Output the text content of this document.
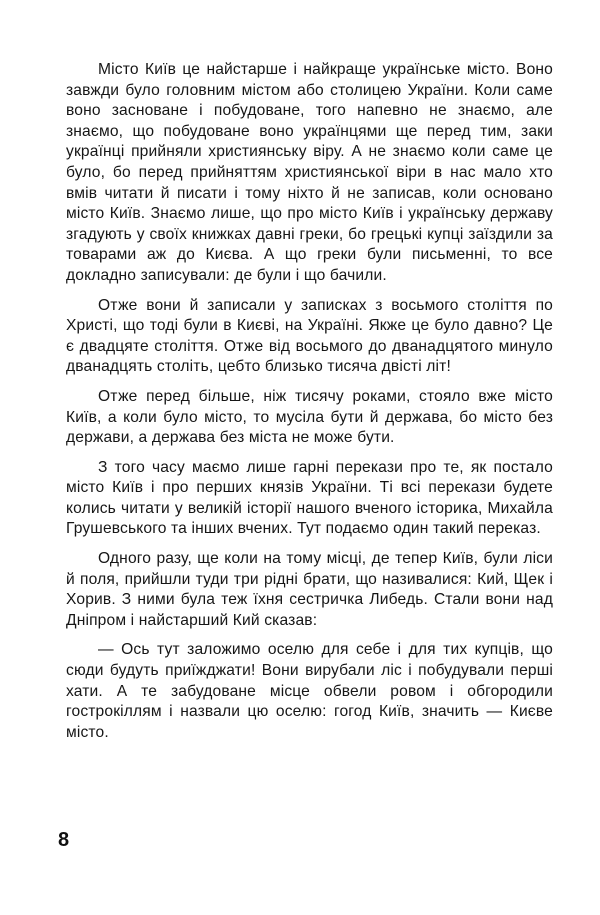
Місто Київ це найстарше і найкраще українське місто. Воно завжди було головним містом або столицею України. Коли саме воно засноване і побудоване, того напевно не знаємо, але знаємо, що побудоване воно українцями ще перед тим, заки українці прийняли християнську віру. А не знаємо коли саме це було, бо перед прийняттям християнської віри в нас мало хто вмів читати й писати і тому ніхто й не записав, коли основано місто Київ. Знаємо лише, що про місто Київ і українську державу згадують у своїх книжках давні греки, бо грецькі купці заїздили за товарами аж до Києва. А що греки були письменні, то все докладно записували: де були і що бачили.

Отже вони й записали у записках з восьмого століття по Христі, що тоді були в Києві, на Україні. Якже це було давно? Це є двадцяте століття. Отже від восьмого до дванадцятого минуло дванадцять століть, цебто близько тисяча двісті літ!

Отже перед більше, ніж тисячу роками, стояло вже місто Київ, а коли було місто, то мусіла бути й держава, бо місто без держави, а держава без міста не може бути.

З того часу маємо лише гарні перекази про те, як постало місто Київ і про перших князів України. Ті всі перекази будете колись читати у великій історії нашого вченого історика, Михайла Грушевського та інших вчених. Тут подаємо один такий переказ.

Одного разу, ще коли на тому місці, де тепер Київ, були ліси й поля, прийшли туди три рідні брати, що називалися: Кий, Щек і Хорив. З ними була теж їхня сестричка Либедь. Стали вони над Дніпром і найстарший Кий сказав:

— Ось тут заложимо оселю для себе і для тих купців, що сюди будуть приїжджати! Вони вирубали ліс і побудували перші хати. А те забудоване місце обвели ровом і обгородили гострокіллям і назвали цю оселю: гогод Київ, значить — Києве місто.

8
